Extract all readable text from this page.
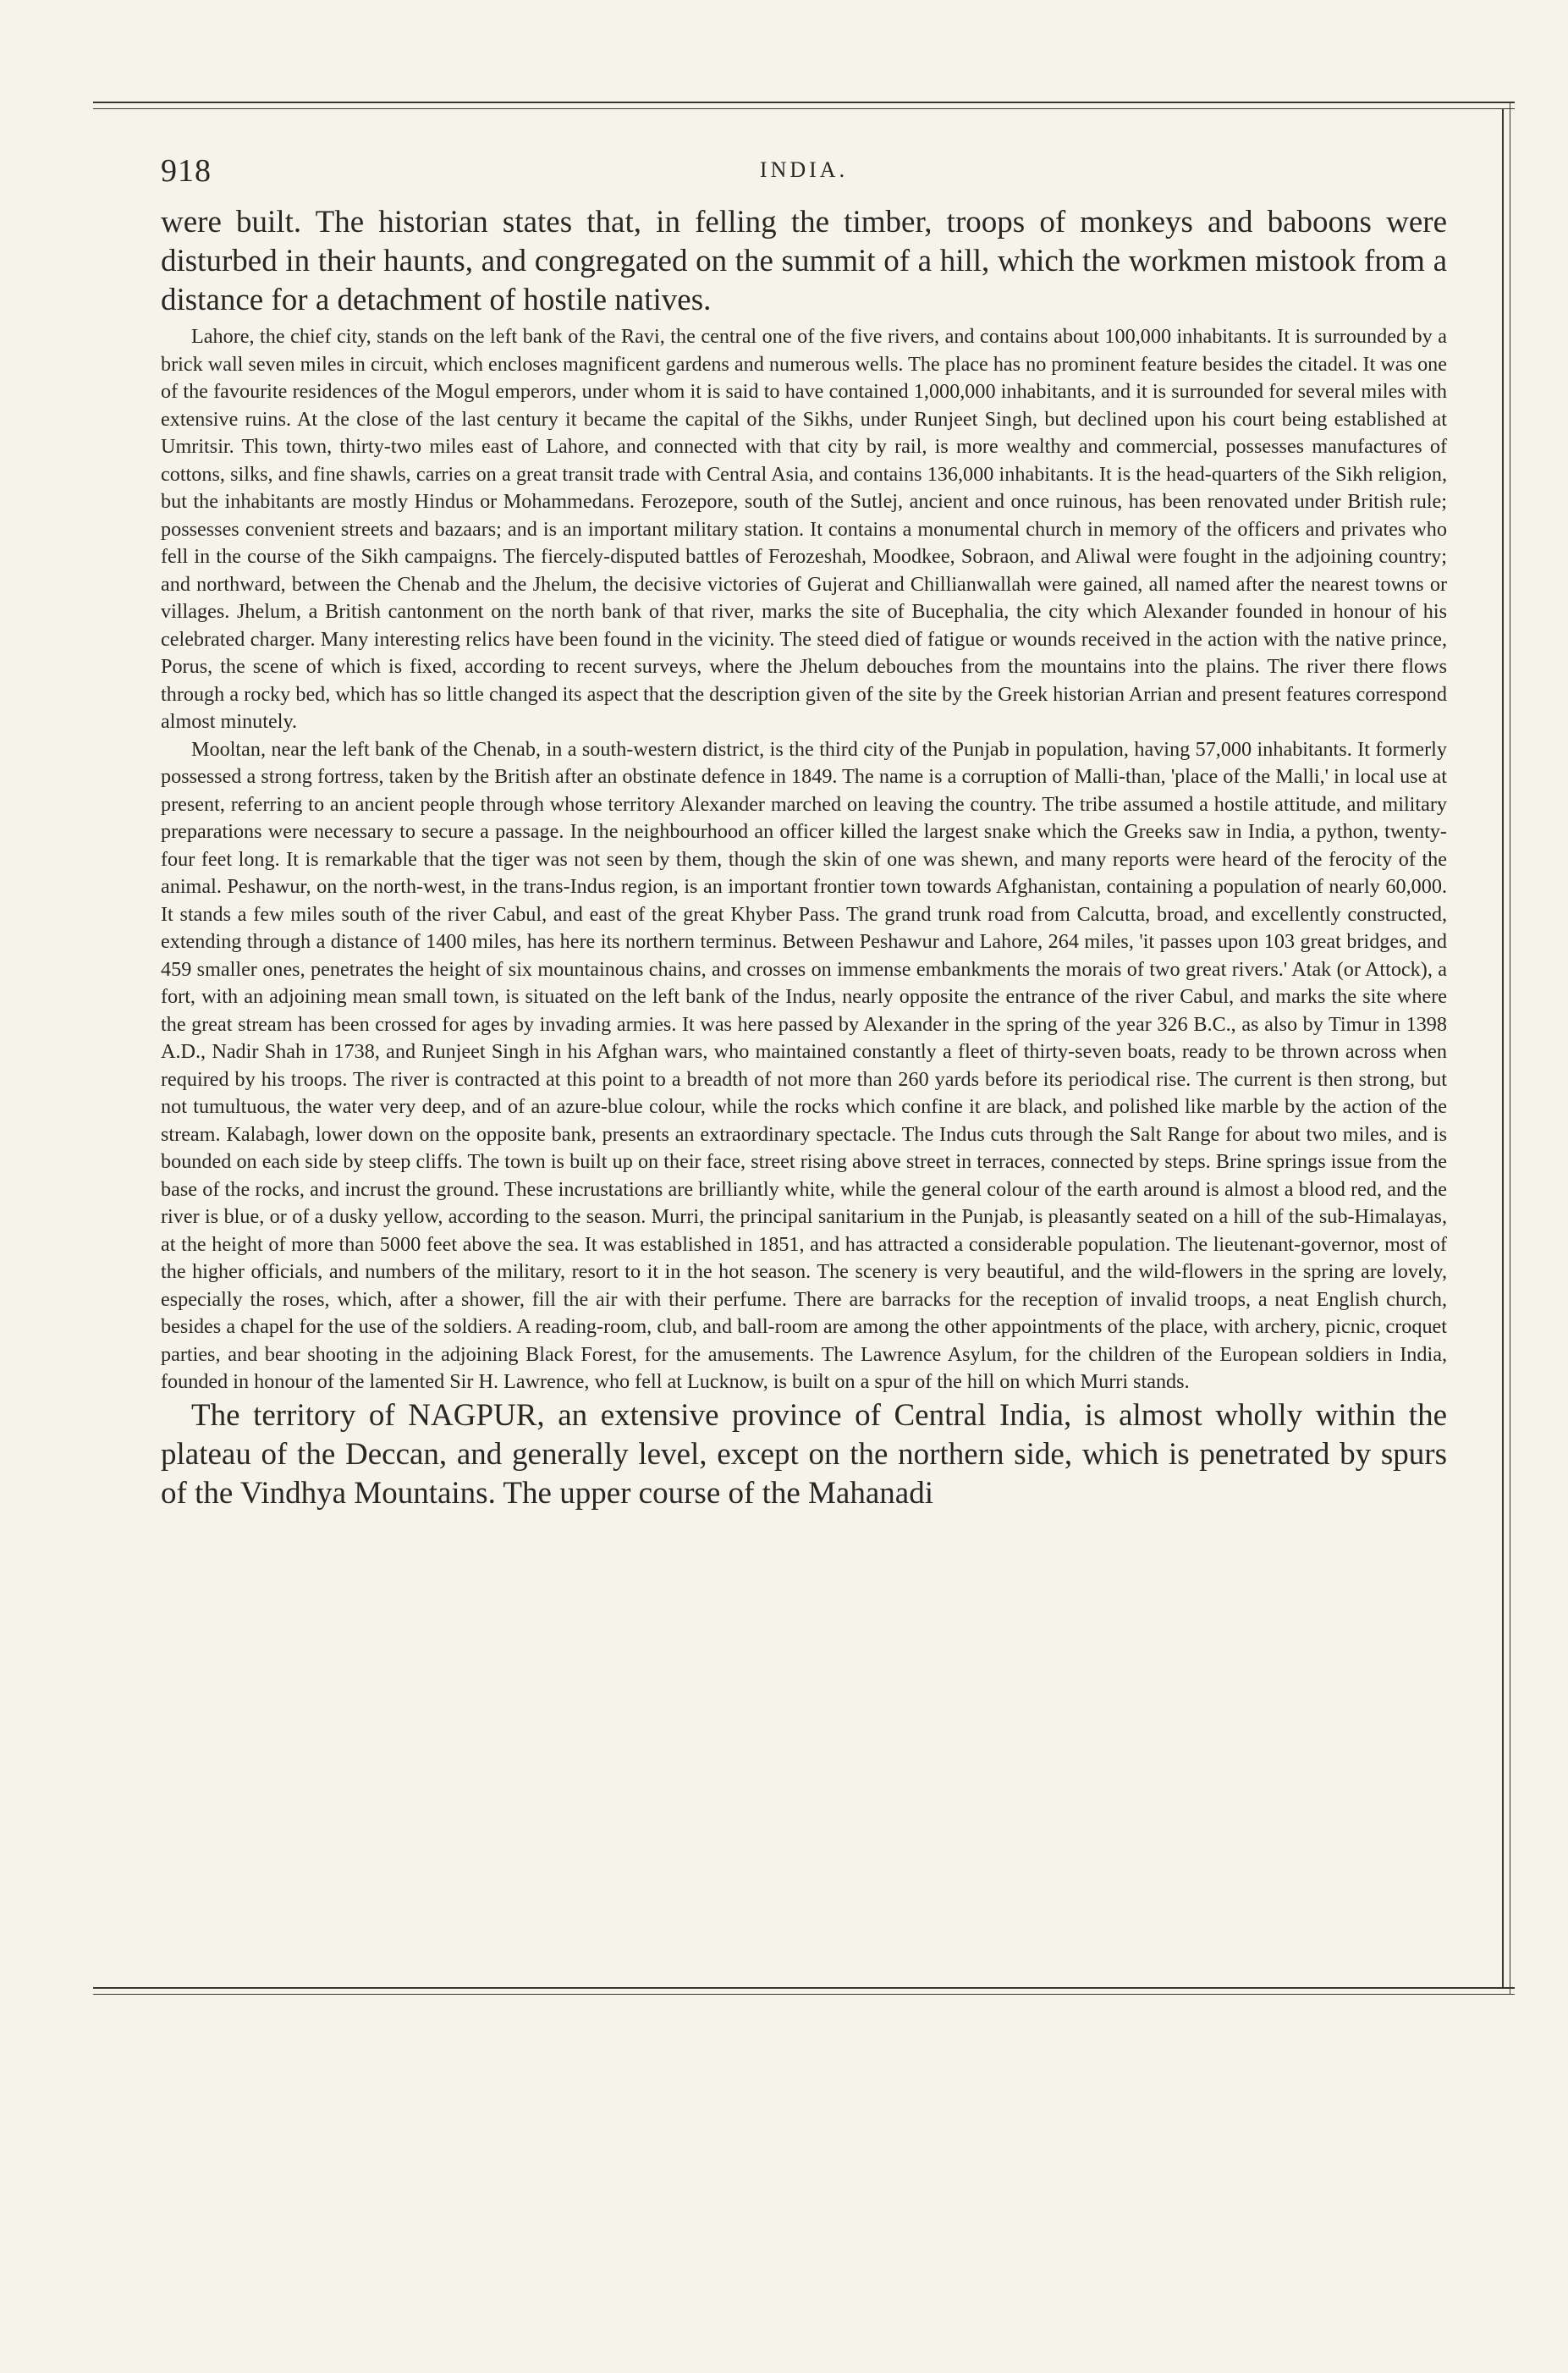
918	INDIA.

were built. The historian states that, in felling the timber, troops of monkeys and baboons were disturbed in their haunts, and congregated on the summit of a hill, which the workmen mistook from a distance for a detachment of hostile natives.

Lahore, the chief city, stands on the left bank of the Ravi, the central one of the five rivers, and contains about 100,000 inhabitants. It is surrounded by a brick wall seven miles in circuit, which encloses magnificent gardens and numerous wells. The place has no prominent feature besides the citadel. It was one of the favourite residences of the Mogul emperors, under whom it is said to have contained 1,000,000 inhabitants, and it is surrounded for several miles with extensive ruins. At the close of the last century it became the capital of the Sikhs, under Runjeet Singh, but declined upon his court being established at Umritsir. This town, thirty-two miles east of Lahore, and connected with that city by rail, is more wealthy and commercial, possesses manufactures of cottons, silks, and fine shawls, carries on a great transit trade with Central Asia, and contains 136,000 inhabitants. It is the head-quarters of the Sikh religion, but the inhabitants are mostly Hindus or Mohammedans. Ferozepore, south of the Sutlej, ancient and once ruinous, has been renovated under British rule; possesses convenient streets and bazaars; and is an important military station. It contains a monumental church in memory of the officers and privates who fell in the course of the Sikh campaigns. The fiercely-disputed battles of Ferozeshah, Moodkee, Sobraon, and Aliwal were fought in the adjoining country; and northward, between the Chenab and the Jhelum, the decisive victories of Gujerat and Chillianwallah were gained, all named after the nearest towns or villages. Jhelum, a British cantonment on the north bank of that river, marks the site of Bucephalia, the city which Alexander founded in honour of his celebrated charger. Many interesting relics have been found in the vicinity. The steed died of fatigue or wounds received in the action with the native prince, Porus, the scene of which is fixed, according to recent surveys, where the Jhelum debouches from the mountains into the plains. The river there flows through a rocky bed, which has so little changed its aspect that the description given of the site by the Greek historian Arrian and present features correspond almost minutely.

Mooltan, near the left bank of the Chenab, in a south-western district, is the third city of the Punjab in population, having 57,000 inhabitants. It formerly possessed a strong fortress, taken by the British after an obstinate defence in 1849. The name is a corruption of Malli-than, 'place of the Malli,' in local use at present, referring to an ancient people through whose territory Alexander marched on leaving the country. The tribe assumed a hostile attitude, and military preparations were necessary to secure a passage. In the neighbourhood an officer killed the largest snake which the Greeks saw in India, a python, twenty-four feet long. It is remarkable that the tiger was not seen by them, though the skin of one was shewn, and many reports were heard of the ferocity of the animal. Peshawur, on the north-west, in the trans-Indus region, is an important frontier town towards Afghanistan, containing a population of nearly 60,000. It stands a few miles south of the river Cabul, and east of the great Khyber Pass. The grand trunk road from Calcutta, broad, and excellently constructed, extending through a distance of 1400 miles, has here its northern terminus. Between Peshawur and Lahore, 264 miles, 'it passes upon 103 great bridges, and 459 smaller ones, penetrates the height of six mountainous chains, and crosses on immense embankments the morais of two great rivers.' Atak (or Attock), a fort, with an adjoining mean small town, is situated on the left bank of the Indus, nearly opposite the entrance of the river Cabul, and marks the site where the great stream has been crossed for ages by invading armies. It was here passed by Alexander in the spring of the year 326 B.C., as also by Timur in 1398 A.D., Nadir Shah in 1738, and Runjeet Singh in his Afghan wars, who maintained constantly a fleet of thirty-seven boats, ready to be thrown across when required by his troops. The river is contracted at this point to a breadth of not more than 260 yards before its periodical rise. The current is then strong, but not tumultuous, the water very deep, and of an azure-blue colour, while the rocks which confine it are black, and polished like marble by the action of the stream. Kalabagh, lower down on the opposite bank, presents an extraordinary spectacle. The Indus cuts through the Salt Range for about two miles, and is bounded on each side by steep cliffs. The town is built up on their face, street rising above street in terraces, connected by steps. Brine springs issue from the base of the rocks, and incrust the ground. These incrustations are brilliantly white, while the general colour of the earth around is almost a blood red, and the river is blue, or of a dusky yellow, according to the season. Murri, the principal sanitarium in the Punjab, is pleasantly seated on a hill of the sub-Himalayas, at the height of more than 5000 feet above the sea. It was established in 1851, and has attracted a considerable population. The lieutenant-governor, most of the higher officials, and numbers of the military, resort to it in the hot season. The scenery is very beautiful, and the wild-flowers in the spring are lovely, especially the roses, which, after a shower, fill the air with their perfume. There are barracks for the reception of invalid troops, a neat English church, besides a chapel for the use of the soldiers. A reading-room, club, and ball-room are among the other appointments of the place, with archery, picnic, croquet parties, and bear shooting in the adjoining Black Forest, for the amusements. The Lawrence Asylum, for the children of the European soldiers in India, founded in honour of the lamented Sir H. Lawrence, who fell at Lucknow, is built on a spur of the hill on which Murri stands.

The territory of NAGPUR, an extensive province of Central India, is almost wholly within the plateau of the Deccan, and generally level, except on the northern side, which is penetrated by spurs of the Vindhya Mountains. The upper course of the Mahanadi
